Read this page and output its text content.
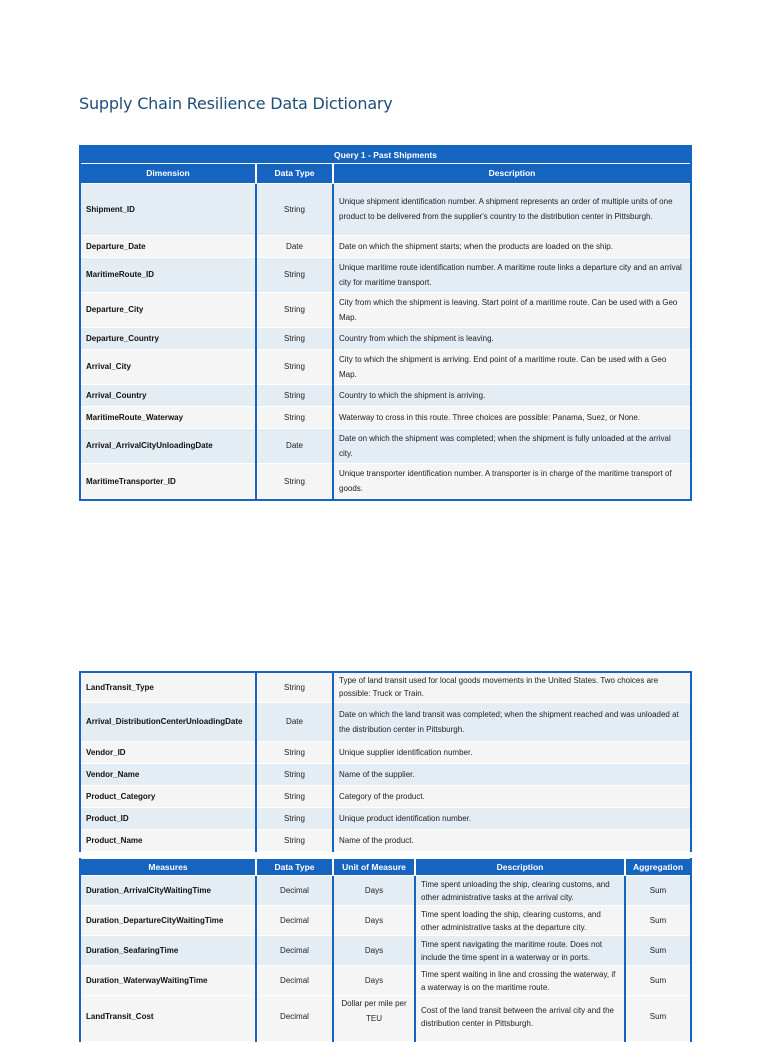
Supply Chain Resilience Data Dictionary
Query 1 - Past Shipments		
Dimension	Data Type	Description
Shipment_ID	String	Unique shipment identification number. A shipment represents an order of multiple units of one product to be delivered from the supplier's country to the distribution center in Pittsburgh.
Departure_Date	Date	Date on which the shipment starts; when the products are loaded on the ship.
MaritimeRoute_ID	String	Unique maritime route identification number. A maritime route links a departure city and an arrival city for maritime transport.
Departure_City	String	City from which the shipment is leaving. Start point of a maritime route. Can be used with a Geo Map.
Departure_Country	String	Country from which the shipment is leaving.
Arrival_City	String	City to which the shipment is arriving. End point of a maritime route. Can be used with a Geo Map.
Arrival_Country	String	Country to which the shipment is arriving.
MaritimeRoute_Waterway	String	Waterway to cross in this route. Three choices are possible: Panama, Suez, or None.
Arrival_ArrivalCityUnloadingDate	Date	Date on which the shipment was completed; when the shipment is fully unloaded at the arrival city.
MaritimeTransporter_ID	String	Unique transporter identification number. A transporter is in charge of the maritime transport of goods.
LandTransit_Type	String	Type of land transit used for local goods movements in the United States. Two choices are possible: Truck or Train.
Arrival_DistributionCenterUnloadingDate	Date	Date on which the land transit was completed; when the shipment reached and was unloaded at the distribution center in Pittsburgh.
Vendor_ID	String	Unique supplier identification number.
Vendor_Name	String	Name of the supplier.
Product_Category	String	Category of the product.
Product_ID	String	Unique product identification number.
Product_Name	String	Name of the product.
Measures	Data Type	Unit of Measure	Description	Aggregation
Duration_ArrivalCityWaitingTime	Decimal	Days	Time spent unloading the ship, clearing customs, and other administrative tasks at the arrival city.	Sum
Duration_DepartureCityWaitingTime	Decimal	Days	Time spent loading the ship, clearing customs, and other administrative tasks at the departure city.	Sum
Duration_SeafaringTime	Decimal	Days	Time spent navigating the maritime route. Does not include the time spent in a waterway or in ports.	Sum
Duration_WaterwayWaitingTime	Decimal	Days	Time spent waiting in line and crossing the waterway, if a waterway is on the maritime route.	Sum
LandTransit_Cost	Decimal	Dollar per mile per TEU	Cost of the land transit between the arrival city and the distribution center in Pittsburgh.	Sum
